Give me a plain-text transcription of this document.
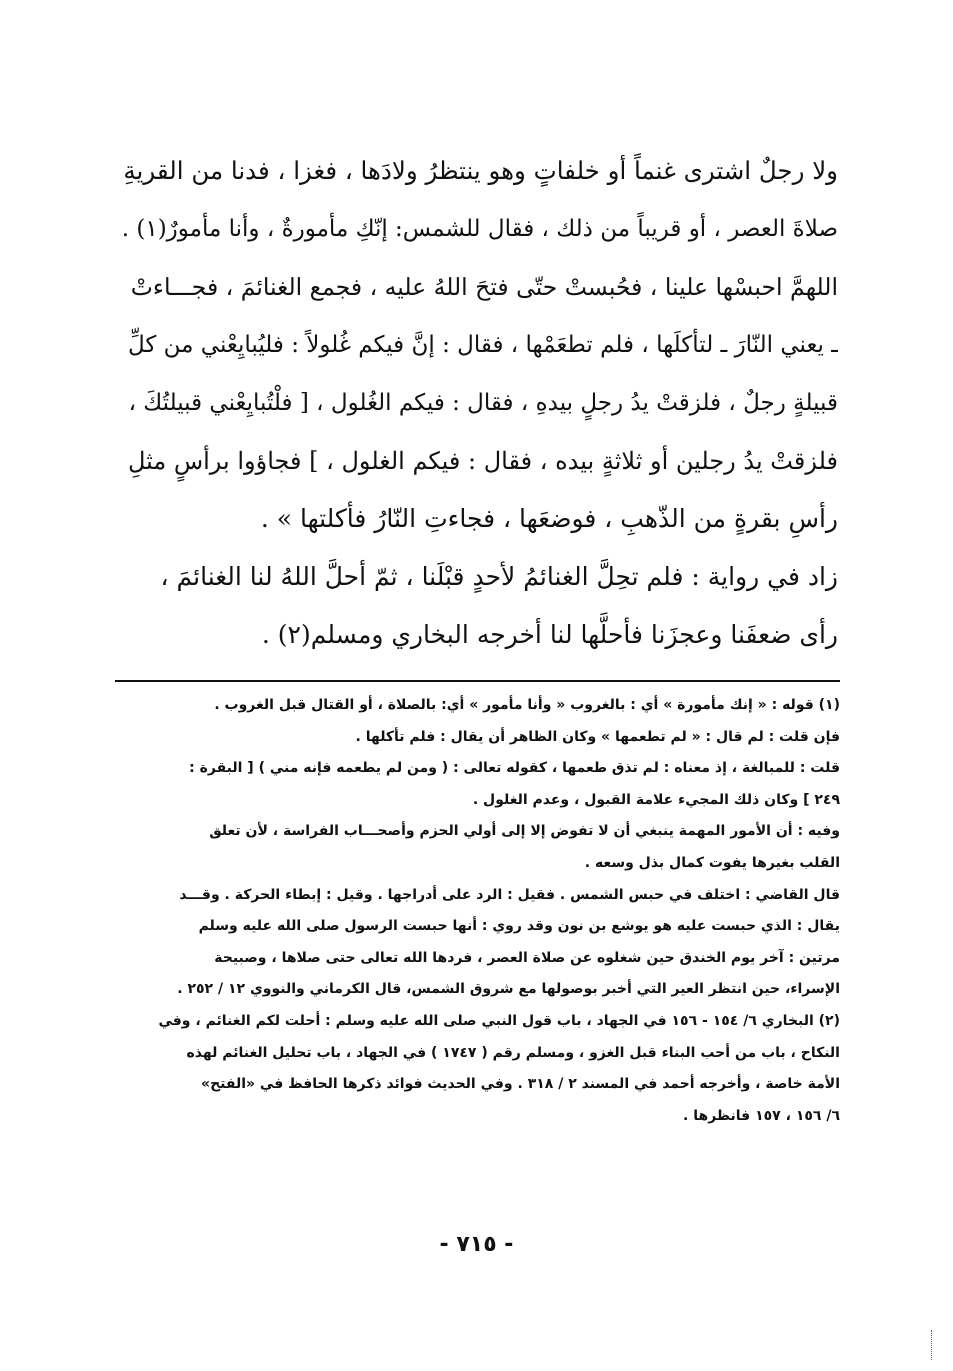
ولا رجلٌ اشترى غنماً أو خلفاتٍ وهو ينتظرُ ولادَها ، فغزا ، فدنا من القريةِ
صلاةَ العصر ، أو قريباً من ذلك ، فقال للشمس: إنّكِ مأمورةٌ ، وأنا مأمورٌ(١) .
اللهمَّ احبسْها علينا ، فحُبستْ حتّى فتحَ اللهُ عليه ، فجمع الغنائمَ ، فجـــاءتْ
ـ يعني النّارَ ـ لتأكلَها ، فلم تطعَمْها ، فقال : إنَّ فيكم غُلولاً : فليُبايِعْني من كلِّ
قبيلةٍ رجلٌ ، فلزقتْ يدُ رجلٍ بيدهِ ، فقال : فيكم الغُلول ، [ فلْتُبايِعْني قبيلتُكَ ،
فلزقتْ يدُ رجلين أو ثلاثةٍ بيده ، فقال : فيكم الغلول ، ] فجاؤوا برأسٍ مثلِ
رأسِ بقرةٍ من الذّهبِ ، فوضعَها ، فجاءتِ النّارُ فأكلتها » .
زاد في رواية : فلم تحِلَّ الغنائمُ لأحدٍ قبْلَنا ، ثمّ أحلَّ اللهُ لنا الغنائمَ ،
رأى ضعفَنا وعجزَنا فأحلَّها لنا أخرجه البخاري ومسلم(٢) .
(١) قوله : « إنك مأمورة » أي : بالغروب « وأنا مأمور » أي: بالصلاة ، أو القتال قبل الغروب .
فإن قلت : لم قال : « لم تطعمها » وكان الظاهر أن يقال : فلم تأكلها .
قلت : للمبالغة ، إذ معناه : لم تذق طعمها ، كقوله تعالى : ( ومن لم يطعمه فإنه مني ) [ البقرة :
٢٤٩ ] وكان ذلك المجيء علامة القبول ، وعدم الغلول .
وفيه : أن الأمور المهمة ينبغي أن لا تفوض إلا إلى أولي الحزم وأصحـــاب الفراسة ، لأن تعلق
القلب بغيرها يفوت كمال بذل وسعه .
قال القاضي : اختلف في حبس الشمس . فقيل : الرد على أدراجها . وقيل : إبطاء الحركة . وقـــد
يقال : الذي حبست عليه هو يوشع بن نون وقد روي : أنها حبست الرسول صلى الله عليه وسلم
مرتين : آخر يوم الخندق حين شغلوه عن صلاة العصر ، فردها الله تعالى حتى صلاها ، وصبيحة
الإسراء، حين انتظر العير التي أخبر بوصولها مع شروق الشمس، قال الكرماني والنووي ١٢ / ٢٥٢ .
(٢) البخاري ٦/ ١٥٤ - ١٥٦ في الجهاد ، باب قول النبي صلى الله عليه وسلم : أحلت لكم الغنائم ، وفي
النكاح ، باب من أحب البناء قبل الغزو ، ومسلم رقم ( ١٧٤٧ ) في الجهاد ، باب تحليل الغنائم لهذه
الأمة خاصة ، وأخرجه أحمد في المسند ٢ / ٣١٨ . وفي الحديث فوائد ذكرها الحافظ في «الفتح»
٦/ ١٥٦ ، ١٥٧ فانظرها .
- ٧١٥ -
